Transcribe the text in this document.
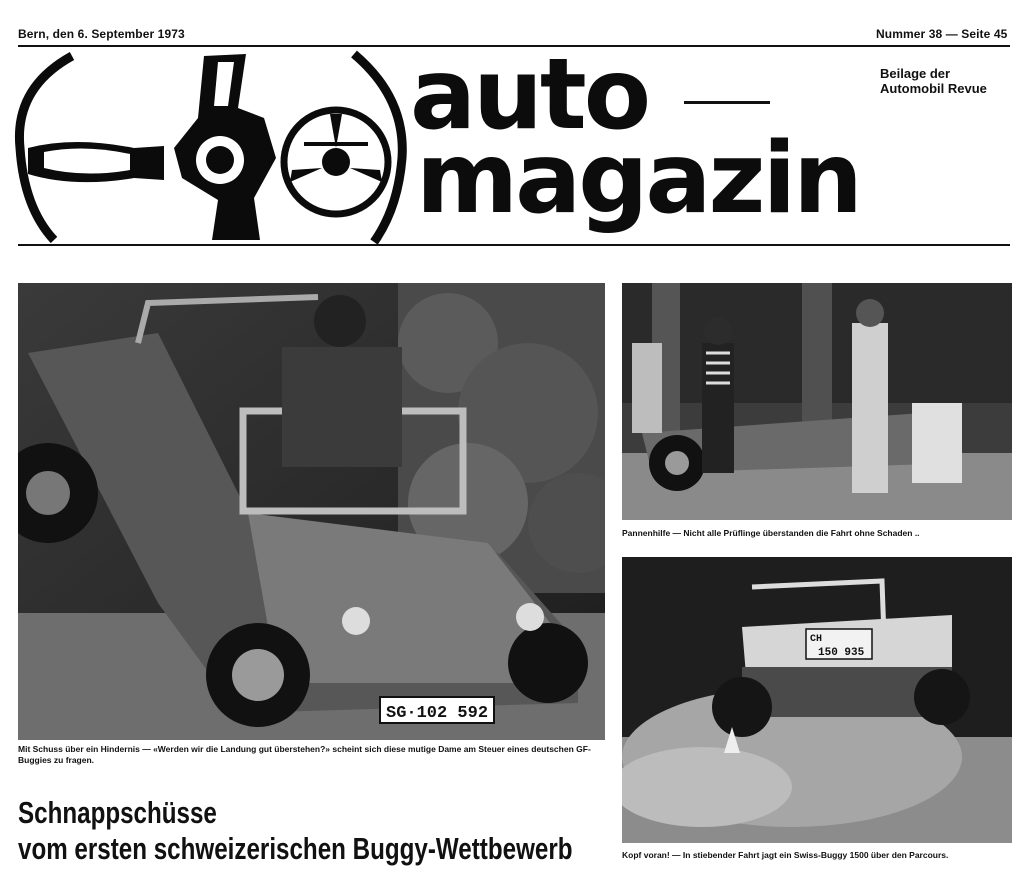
Bern, den 6. September 1973	Nummer 38 — Seite 45
auto
magazin
Beilage der
Automobil Revue
SG·102 592
Mit Schuss über ein Hindernis — «Werden wir die Landung gut überstehen?» scheint sich diese mutige Dame am Steuer eines deutschen GF-Buggies zu fragen.
Pannenhilfe — Nicht alle Prüflinge überstanden die Fahrt ohne Schaden ..
CH
150 935
Kopf voran! — In stiebender Fahrt jagt ein Swiss-Buggy 1500 über den Parcours.
Schnappschüsse
vom ersten schweizerischen Buggy-Wettbewerb
